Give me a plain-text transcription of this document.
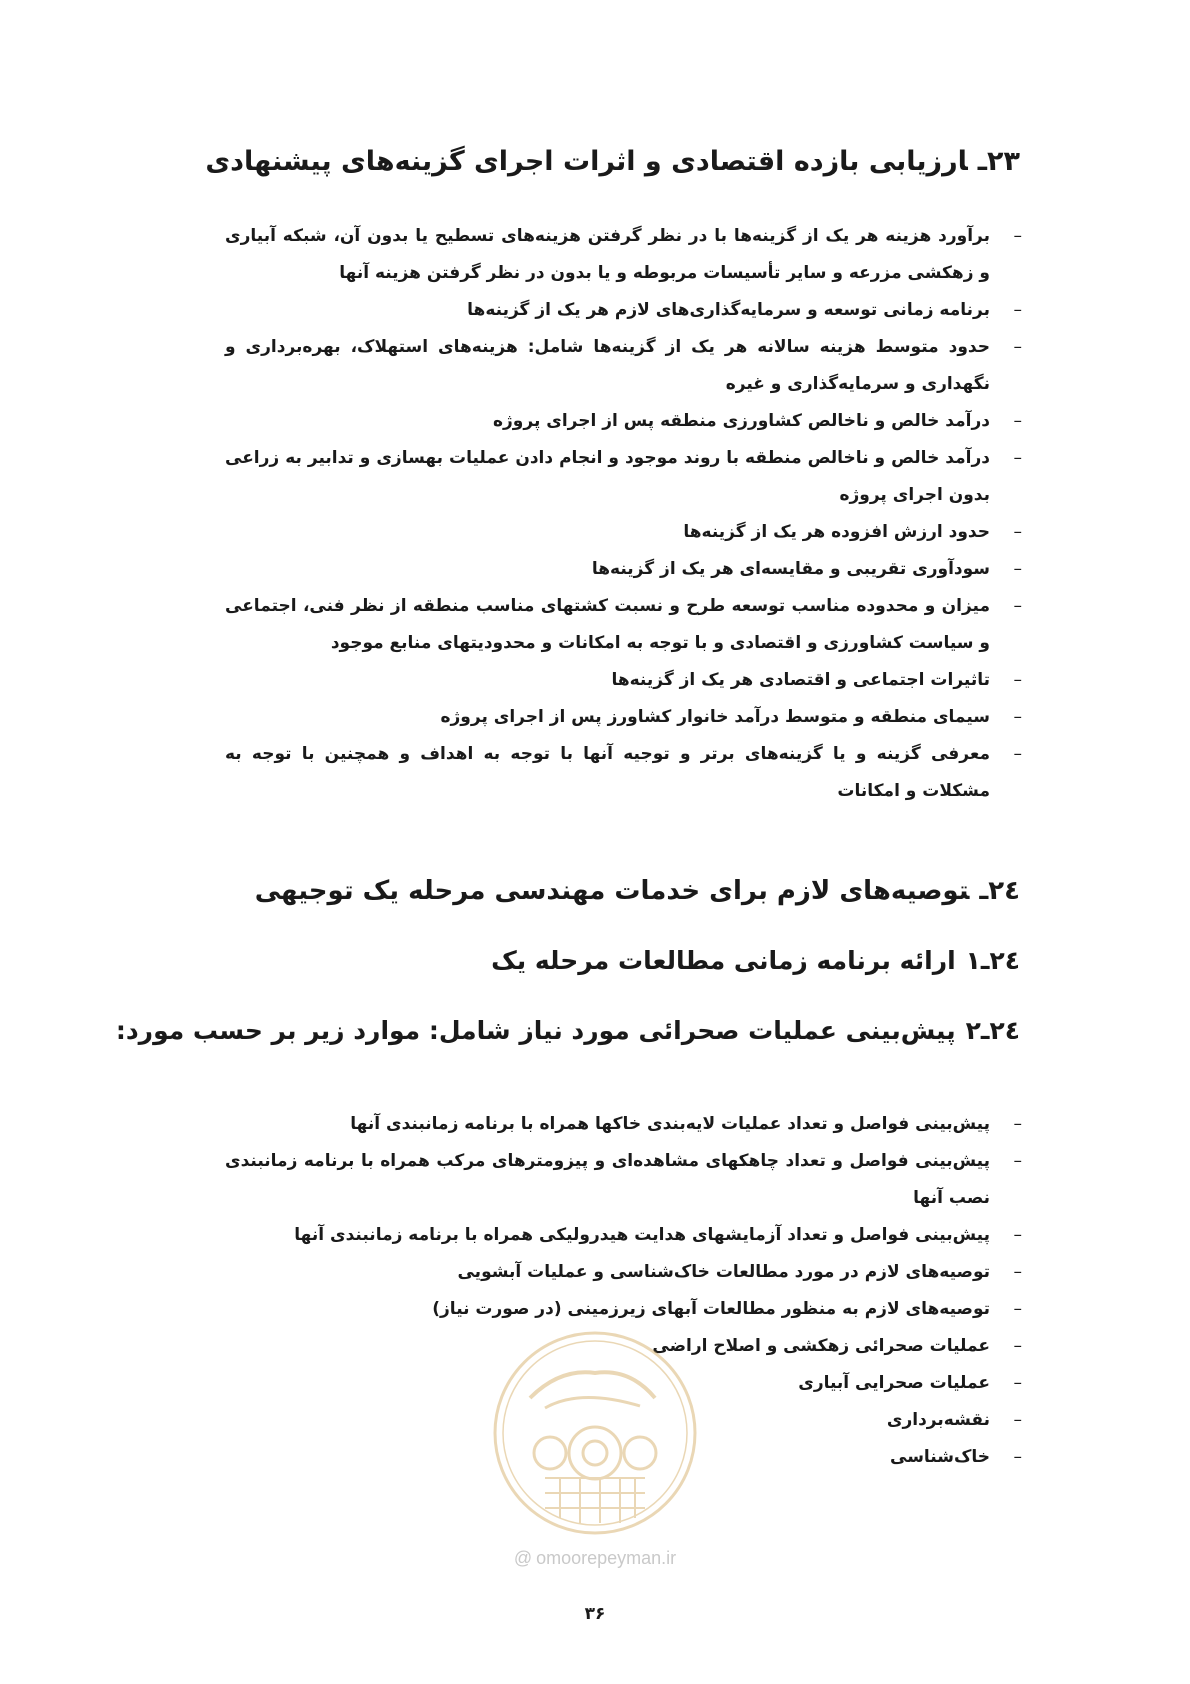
۲۳ـارزیابی بازده اقتصادی و اثرات اجرای گزینه‌های پیشنهادی
–
برآورد هزینه هر یک از گزینه‌ها با در نظر گرفتن هزینه‌های تسطیح یا بدون آن، شبکه آبیاری و زهکشی مزرعه و سایر تأسیسات مربوطه و یا بدون در نظر گرفتن هزینه آنها
–
برنامه زمانی توسعه و سرمایه‌گذاری‌های لازم هر یک از گزینه‌ها
–
حدود متوسط هزینه سالانه هر یک از گزینه‌ها شامل: هزینه‌های استهلاک، بهره‌برداری و نگهداری و سرمایه‌گذاری و غیره
–
درآمد خالص و ناخالص کشاورزی منطقه پس از اجرای پروژه
–
درآمد خالص و ناخالص منطقه با روند موجود و انجام دادن عملیات بهسازی و تدابیر به زراعی بدون اجرای پروژه
–
حدود ارزش افزوده هر یک از گزینه‌ها
–
سودآوری تقریبی و مقایسه‌ای هر یک از گزینه‌ها
–
میزان و محدوده مناسب توسعه طرح و نسبت کشتهای مناسب منطقه از نظر فنی، اجتماعی و سیاست کشاورزی و اقتصادی و با توجه به امکانات و محدودیتهای منابع موجود
–
تاثیرات اجتماعی و اقتصادی هر یک از گزینه‌ها
–
سیمای منطقه و متوسط درآمد خانوار کشاورز پس از اجرای پروژه
–
معرفی گزینه و یا گزینه‌های برتر و توجیه آنها با توجه به اهداف و همچنین با توجه به مشکلات و امکانات
٢٤ـتوصیه‌های لازم برای خدمات مهندسی مرحله یک توجیهی
٢٤ـ١ارائه برنامه زمانی مطالعات مرحله یک
٢٤ـ٢پیش‌بینی عملیات صحرائی مورد نیاز شامل: موارد زیر بر حسب مورد:
–
پیش‌بینی فواصل و تعداد عملیات لایه‌بندی خاکها همراه با برنامه زمانبندی آنها
–
پیش‌بینی فواصل و تعداد چاهکهای مشاهده‌ای و پیزومترهای مرکب همراه با برنامه زمانبندی نصب آنها
–
پیش‌بینی فواصل و تعداد آزمایشهای هدایت هیدرولیکی همراه با برنامه زمانبندی آنها
–
توصیه‌های لازم در مورد مطالعات خاک‌شناسی و عملیات آبشویی
–
توصیه‌های لازم به منظور مطالعات آبهای زیرزمینی (در صورت نیاز)
–
عملیات صحرائی زهکشی و اصلاح اراضی
–
عملیات صحرایی آبیاری
–
نقشه‌برداری
–
خاک‌شناسی
@ omoorepeyman.ir
۳۶
